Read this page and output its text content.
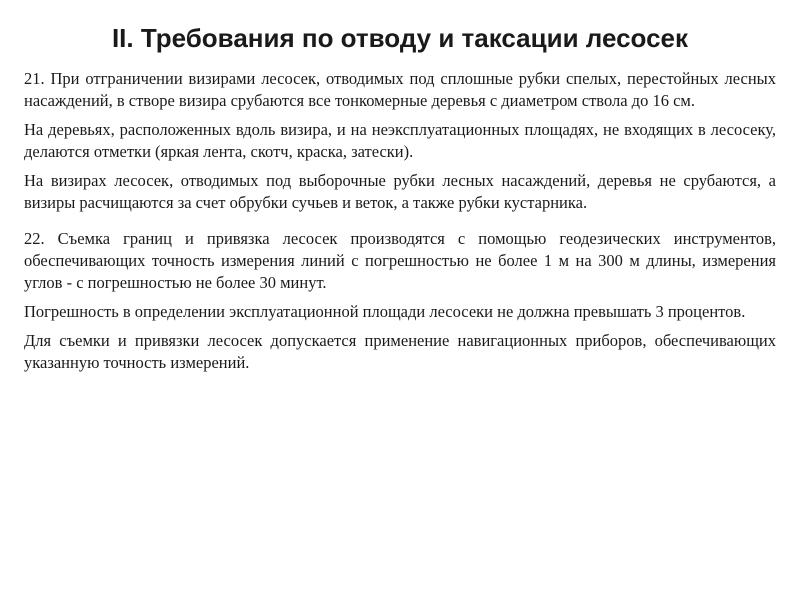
II. Требования по отводу и таксации лесосек

21. При отграничении визирами лесосек, отводимых под сплошные рубки спелых, перестойных лесных насаждений, в створе визира срубаются все тонкомерные деревья с диаметром ствола до 16 см.

На деревьях, расположенных вдоль визира, и на неэксплуатационных площадях, не входящих в лесосеку, делаются отметки (яркая лента, скотч, краска, затески).

На визирах лесосек, отводимых под выборочные рубки лесных насаждений, деревья не срубаются, а визиры расчищаются за счет обрубки сучьев и веток, а также рубки кустарника.

22. Съемка границ и привязка лесосек производятся с помощью геодезических инструментов, обеспечивающих точность измерения линий с погрешностью не более 1 м на 300 м длины, измерения углов - с погрешностью не более 30 минут.

Погрешность в определении эксплуатационной площади лесосеки не должна превышать 3 процентов.

Для съемки и привязки лесосек допускается применение навигационных приборов, обеспечивающих указанную точность измерений.
